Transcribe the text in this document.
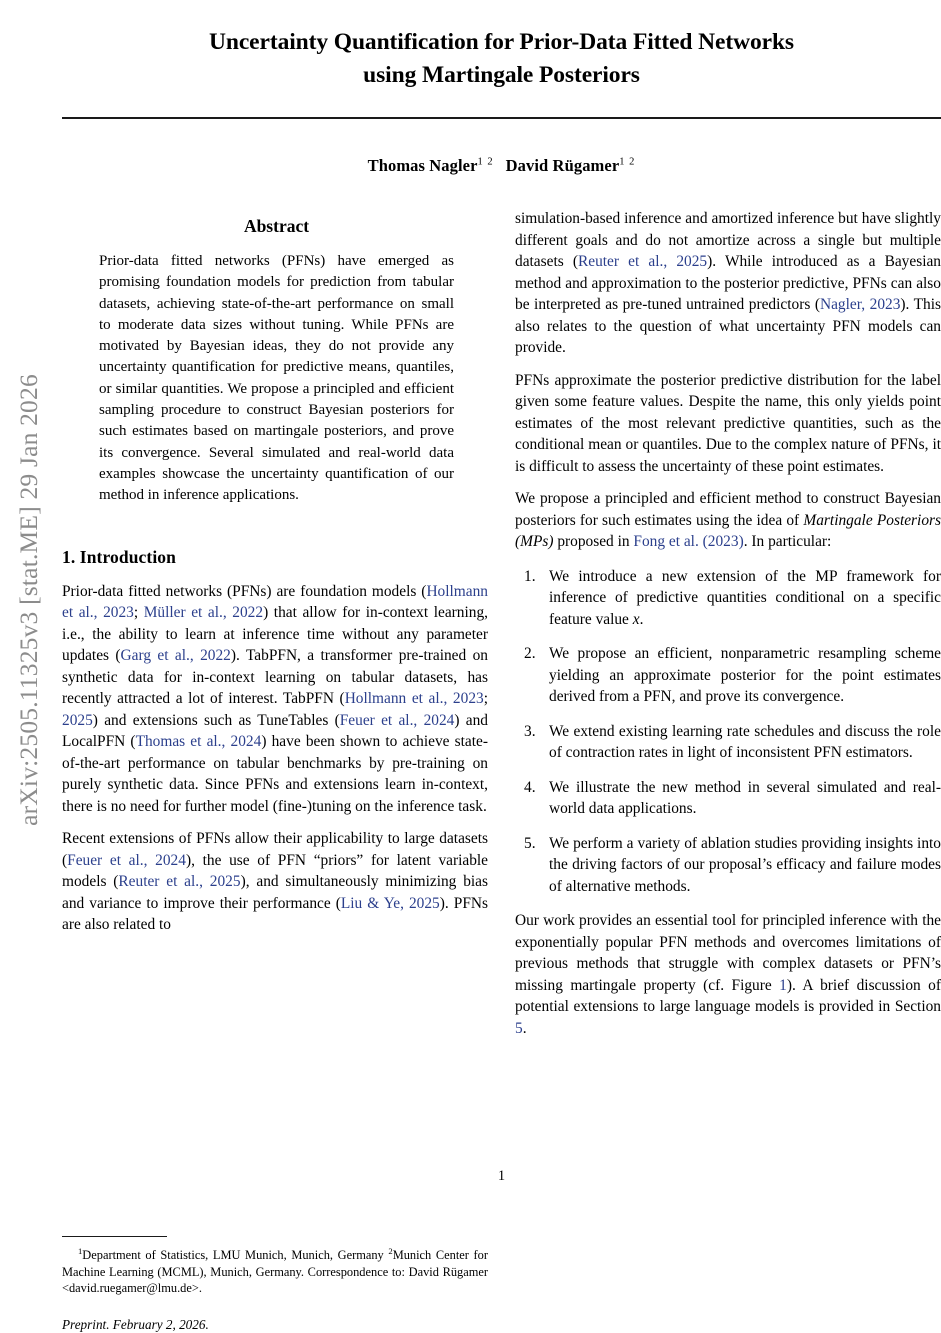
arXiv:2505.11325v3 [stat.ME] 29 Jan 2026
Uncertainty Quantification for Prior-Data Fitted Networks
using Martingale Posteriors
Thomas Nagler$^{1 2}$ David Rügamer$^{1 2}$
Abstract

Prior-data fitted networks (PFNs) have emerged as promising foundation models for prediction from tabular datasets, achieving state-of-the-art performance on small to moderate data sizes without tuning. While PFNs are motivated by Bayesian ideas, they do not provide any uncertainty quantification for predictive means, quantiles, or similar quantities. We propose a principled and efficient sampling procedure to construct Bayesian posteriors for such estimates based on martingale posteriors, and prove its convergence. Several simulated and real-world data examples showcase the uncertainty quantification of our method in inference applications.

1. Introduction

Prior-data fitted networks (PFNs) are foundation models (Hollmann et al., 2023; Müller et al., 2022) that allow for in-context learning, i.e., the ability to learn at inference time without any parameter updates (Garg et al., 2022). TabPFN, a transformer pre-trained on synthetic data for in-context learning on tabular datasets, has recently attracted a lot of interest. TabPFN (Hollmann et al., 2023; 2025) and extensions such as TuneTables (Feuer et al., 2024) and LocalPFN (Thomas et al., 2024) have been shown to achieve state-of-the-art performance on tabular benchmarks by pre-training on purely synthetic data. Since PFNs and extensions learn in-context, there is no need for further model (fine-)tuning on the inference task.

Recent extensions of PFNs allow their applicability to large datasets (Feuer et al., 2024), the use of PFN “priors” for latent variable models (Reuter et al., 2025), and simultaneously minimizing bias and variance to improve their performance (Liu & Ye, 2025). PFNs are also related to

$^1$Department of Statistics, LMU Munich, Munich, Germany $^2$Munich Center for Machine Learning (MCML), Munich, Germany. Correspondence to: David Rügamer <david.ruegamer@lmu.de>.

Preprint. February 2, 2026.

simulation-based inference and amortized inference but have slightly different goals and do not amortize across a single but multiple datasets (Reuter et al., 2025). While introduced as a Bayesian method and approximation to the posterior predictive, PFNs can also be interpreted as pre-tuned untrained predictors (Nagler, 2023). This also relates to the question of what uncertainty PFN models can provide.

PFNs approximate the posterior predictive distribution for the label given some feature values. Despite the name, this only yields point estimates of the most relevant predictive quantities, such as the conditional mean or quantiles. Due to the complex nature of PFNs, it is difficult to assess the uncertainty of these point estimates.

We propose a principled and efficient method to construct Bayesian posteriors for such estimates using the idea of Martingale Posteriors (MPs) proposed in Fong et al. (2023). In particular:

We introduce a new extension of the MP framework for inference of predictive quantities conditional on a specific feature value x.
We propose an efficient, nonparametric resampling scheme yielding an approximate posterior for the point estimates derived from a PFN, and prove its convergence.
We extend existing learning rate schedules and discuss the role of contraction rates in light of inconsistent PFN estimators.
We illustrate the new method in several simulated and real-world data applications.
We perform a variety of ablation studies providing insights into the driving factors of our proposal’s efficacy and failure modes of alternative methods.

Our work provides an essential tool for principled inference with the exponentially popular PFN methods and overcomes limitations of previous methods that struggle with complex datasets or PFN’s missing martingale property (cf. Figure 1). A brief discussion of potential extensions to large language models is provided in Section 5.

1
